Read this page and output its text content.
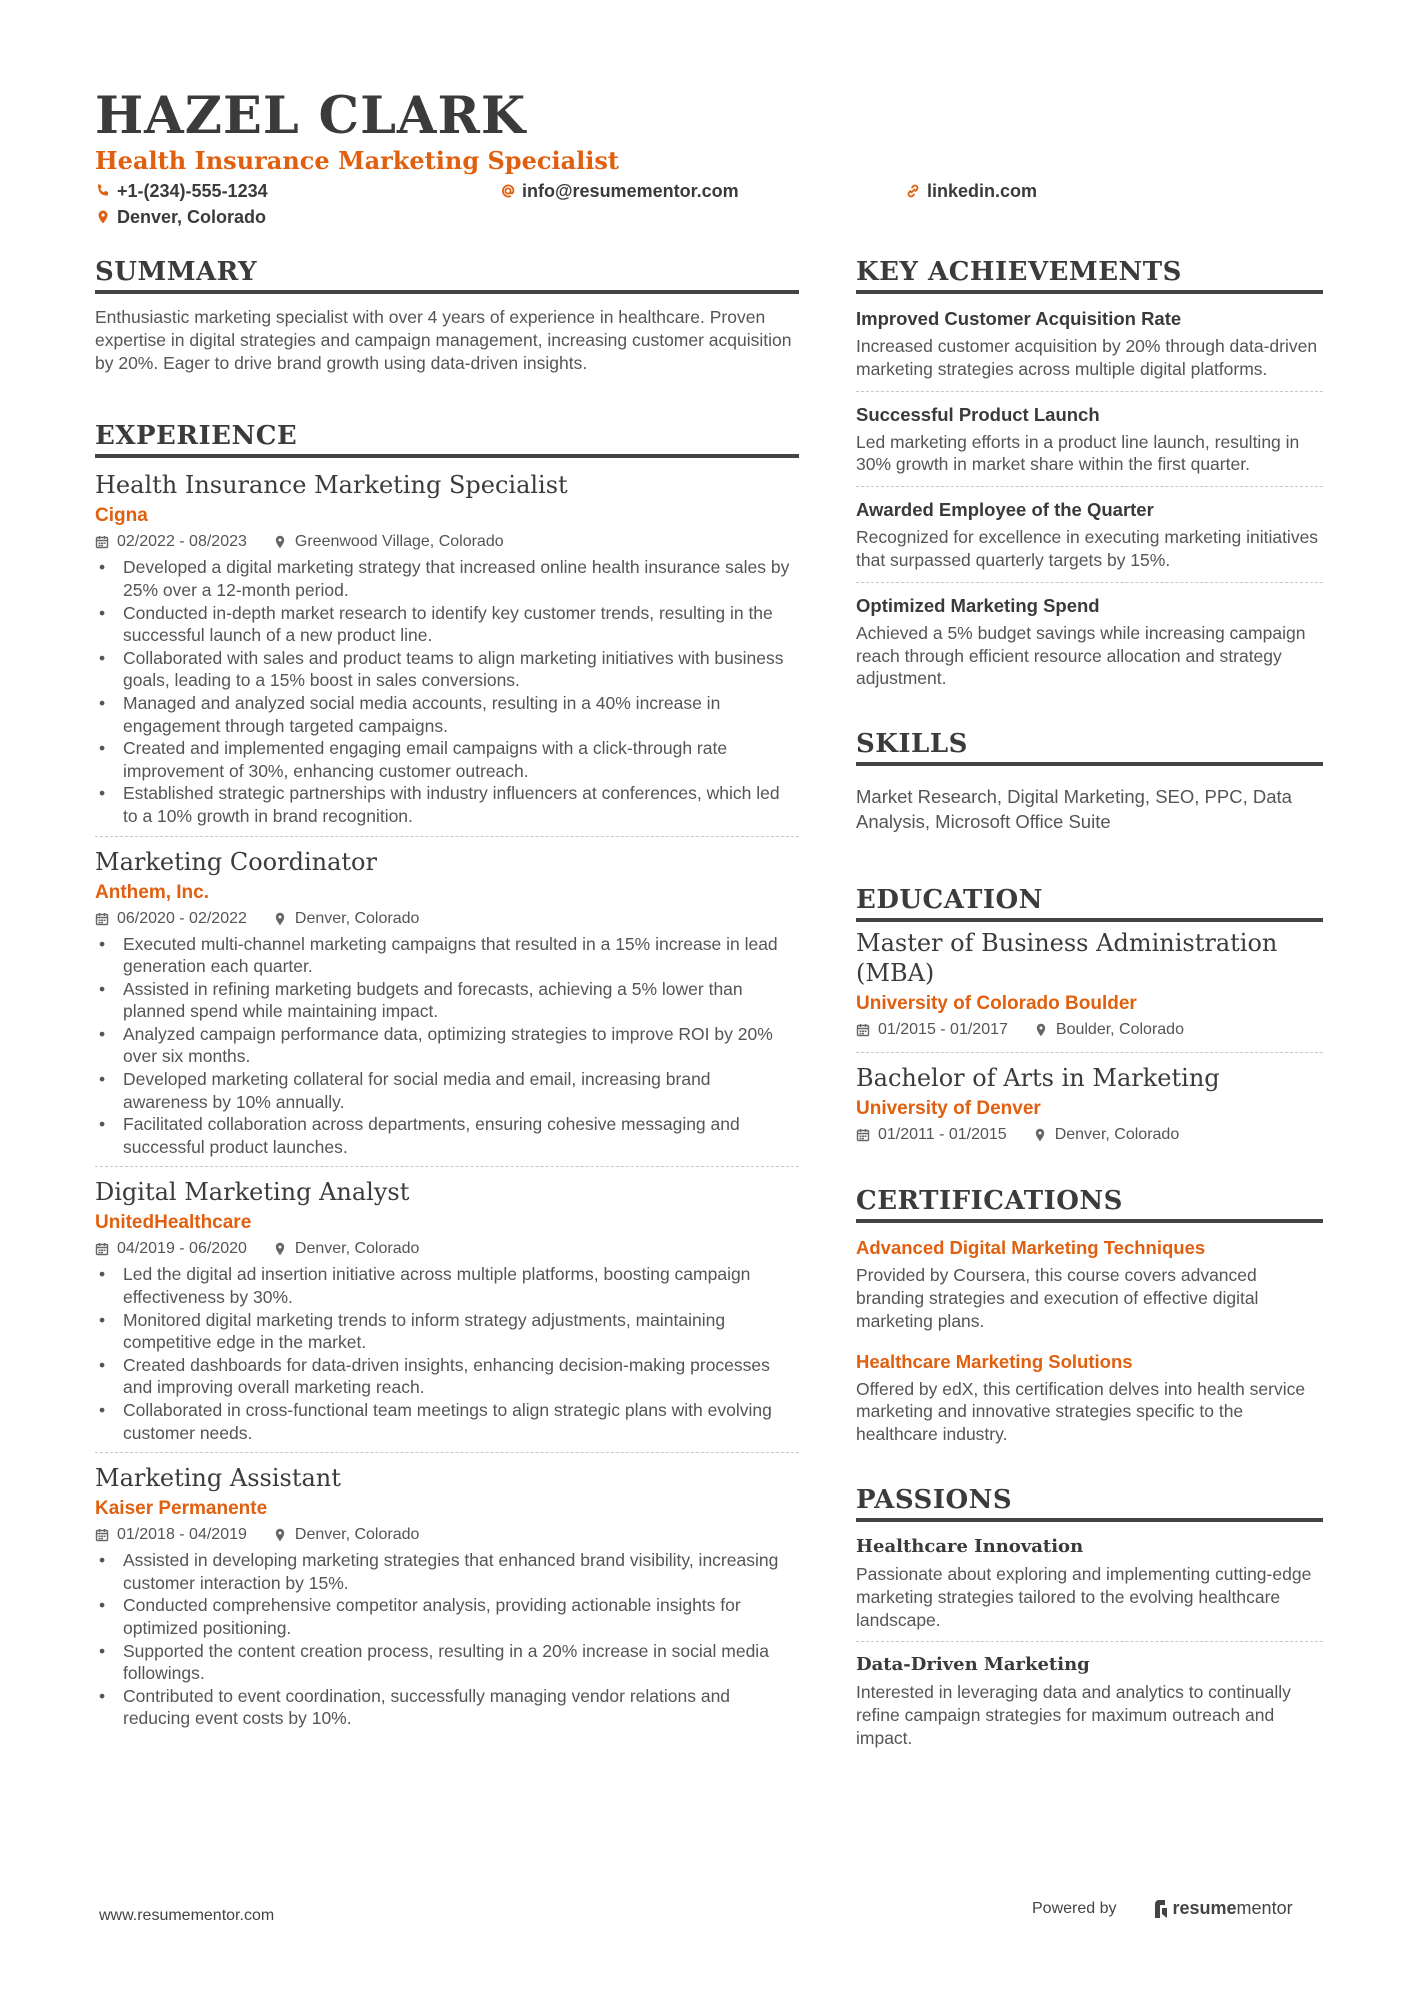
HAZEL CLARK
Health Insurance Marketing Specialist
+1-(234)-555-1234	info@resumementor.com	linkedin.com
Denver, Colorado
SUMMARY
Enthusiastic marketing specialist with over 4 years of experience in healthcare. Proven expertise in digital strategies and campaign management, increasing customer acquisition by 20%. Eager to drive brand growth using data-driven insights.
EXPERIENCE
Health Insurance Marketing Specialist
Cigna
02/2022 - 08/2023	Greenwood Village, Colorado
• Developed a digital marketing strategy that increased online health insurance sales by 25% over a 12-month period.
• Conducted in-depth market research to identify key customer trends, resulting in the successful launch of a new product line.
• Collaborated with sales and product teams to align marketing initiatives with business goals, leading to a 15% boost in sales conversions.
• Managed and analyzed social media accounts, resulting in a 40% increase in engagement through targeted campaigns.
• Created and implemented engaging email campaigns with a click-through rate improvement of 30%, enhancing customer outreach.
• Established strategic partnerships with industry influencers at conferences, which led to a 10% growth in brand recognition.
Marketing Coordinator
Anthem, Inc.
06/2020 - 02/2022	Denver, Colorado
• Executed multi-channel marketing campaigns that resulted in a 15% increase in lead generation each quarter.
• Assisted in refining marketing budgets and forecasts, achieving a 5% lower than planned spend while maintaining impact.
• Analyzed campaign performance data, optimizing strategies to improve ROI by 20% over six months.
• Developed marketing collateral for social media and email, increasing brand awareness by 10% annually.
• Facilitated collaboration across departments, ensuring cohesive messaging and successful product launches.
Digital Marketing Analyst
UnitedHealthcare
04/2019 - 06/2020	Denver, Colorado
• Led the digital ad insertion initiative across multiple platforms, boosting campaign effectiveness by 30%.
• Monitored digital marketing trends to inform strategy adjustments, maintaining competitive edge in the market.
• Created dashboards for data-driven insights, enhancing decision-making processes and improving overall marketing reach.
• Collaborated in cross-functional team meetings to align strategic plans with evolving customer needs.
Marketing Assistant
Kaiser Permanente
01/2018 - 04/2019	Denver, Colorado
• Assisted in developing marketing strategies that enhanced brand visibility, increasing customer interaction by 15%.
• Conducted comprehensive competitor analysis, providing actionable insights for optimized positioning.
• Supported the content creation process, resulting in a 20% increase in social media followings.
• Contributed to event coordination, successfully managing vendor relations and reducing event costs by 10%.
KEY ACHIEVEMENTS
Improved Customer Acquisition Rate
Increased customer acquisition by 20% through data-driven marketing strategies across multiple digital platforms.
Successful Product Launch
Led marketing efforts in a product line launch, resulting in 30% growth in market share within the first quarter.
Awarded Employee of the Quarter
Recognized for excellence in executing marketing initiatives that surpassed quarterly targets by 15%.
Optimized Marketing Spend
Achieved a 5% budget savings while increasing campaign reach through efficient resource allocation and strategy adjustment.
SKILLS
Market Research, Digital Marketing, SEO, PPC, Data Analysis, Microsoft Office Suite
EDUCATION
Master of Business Administration (MBA)
University of Colorado Boulder
01/2015 - 01/2017	Boulder, Colorado
Bachelor of Arts in Marketing
University of Denver
01/2011 - 01/2015	Denver, Colorado
CERTIFICATIONS
Advanced Digital Marketing Techniques
Provided by Coursera, this course covers advanced branding strategies and execution of effective digital marketing plans.
Healthcare Marketing Solutions
Offered by edX, this certification delves into health service marketing and innovative strategies specific to the healthcare industry.
PASSIONS
Healthcare Innovation
Passionate about exploring and implementing cutting-edge marketing strategies tailored to the evolving healthcare landscape.
Data-Driven Marketing
Interested in leveraging data and analytics to continually refine campaign strategies for maximum outreach and impact.
www.resumementor.com	Powered by	resume mentor
